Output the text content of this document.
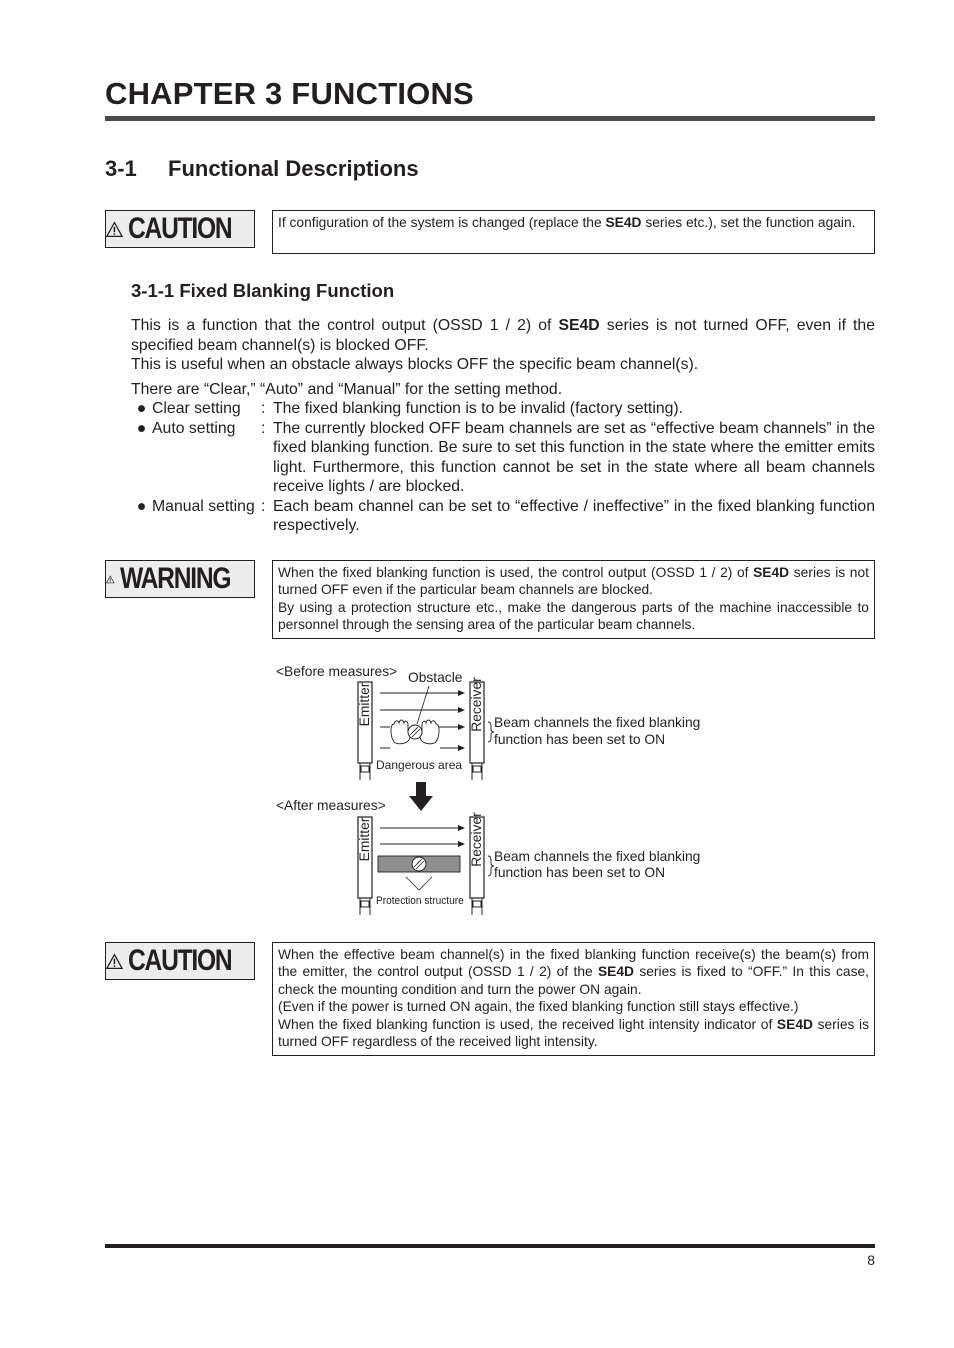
CHAPTER 3 FUNCTIONS
3-1 Functional Descriptions
CAUTION	If configuration of the system is changed (replace the SE4D series etc.), set the function again.
3-1-1 Fixed Blanking Function
This is a function that the control output (OSSD 1 / 2) of SE4D series is not turned OFF, even if the specified beam channel(s) is blocked OFF.
This is useful when an obstacle always blocks OFF the specific beam channel(s).
There are “Clear,” “Auto” and “Manual” for the setting method.
● Clear setting	: The fixed blanking function is to be invalid (factory setting).
● Auto setting	: The currently blocked OFF beam channels are set as “effective beam channels” in the fixed blanking function. Be sure to set this function in the state where the emitter emits light. Furthermore, this function cannot be set in the state where all beam channels receive lights / are blocked.
● Manual setting : Each beam channel can be set to “effective / ineffective” in the fixed blanking function respectively.
WARNING	When the fixed blanking function is used, the control output (OSSD 1 / 2) of SE4D series is not turned OFF even if the particular beam channels are blocked.
By using a protection structure etc., make the dangerous parts of the machine inaccessible to personnel through the sensing area of the particular beam channels.
<Before measures> Obstacle
Emitter	Receiver
Dangerous area
Beam channels the fixed blanking
function has been set to ON
<After measures>
Emitter	Receiver
Protection structure
Beam channels the fixed blanking
function has been set to ON
CAUTION	When the effective beam channel(s) in the fixed blanking function receive(s) the beam(s) from the emitter, the control output (OSSD 1 / 2) of the SE4D series is fixed to “OFF.” In this case, check the mounting condition and turn the power ON again.
(Even if the power is turned ON again, the fixed blanking function still stays effective.)
When the fixed blanking function is used, the received light intensity indicator of SE4D series is turned OFF regardless of the received light intensity.
8
